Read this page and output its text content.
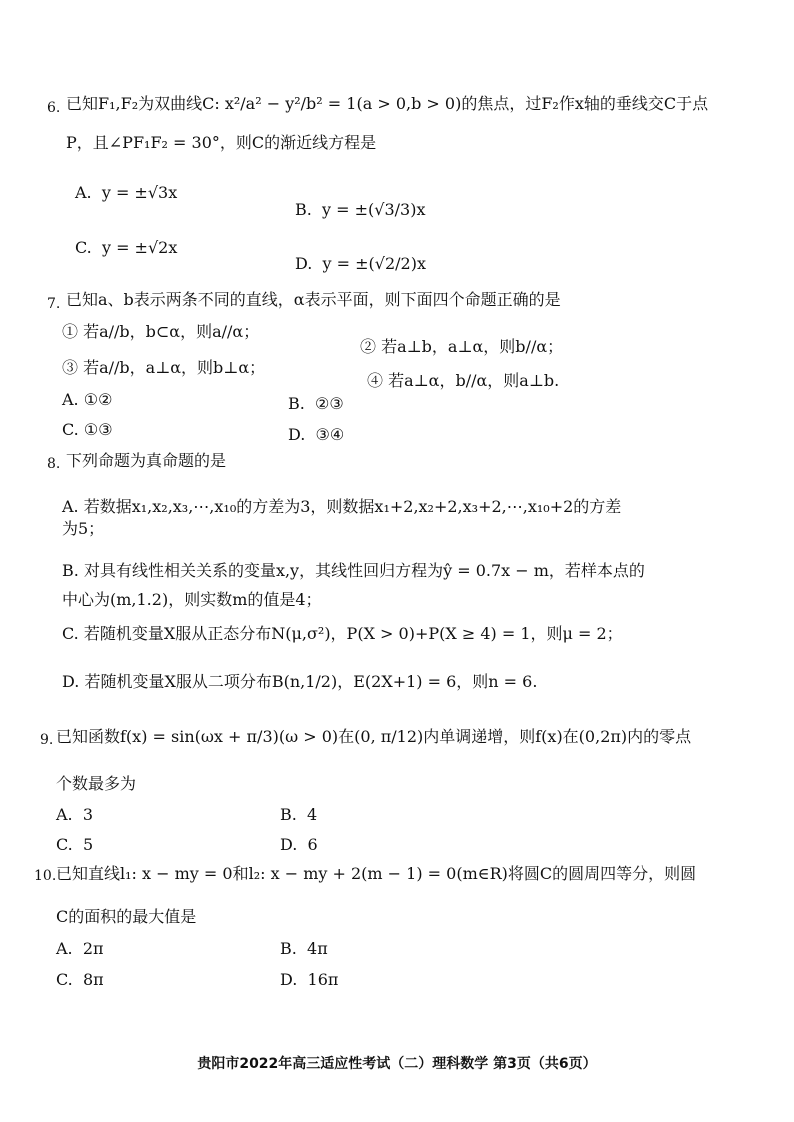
6. 已知F₁,F₂为双曲线C: x²/a² − y²/b² = 1(a > 0,b > 0)的焦点，过F₂作x轴的垂线交C于点
P，且∠PF₁F₂ = 30°，则C的渐近线方程是
A. y = ±√3x
B. y = ±(√3/3)x
C. y = ±√2x
D. y = ±(√2/2)x
7. 已知a、b表示两条不同的直线，α表示平面，则下面四个命题正确的是
① 若a//b，b⊂α，则a//α；
② 若a⊥b，a⊥α，则b//α；
③ 若a//b，a⊥α，则b⊥α；
④ 若a⊥α，b//α，则a⊥b.
A. ①②	B. ②③
C. ①③	D. ③④
8. 下列命题为真命题的是
A. 若数据x₁,x₂,x₃,⋯,x₁₀的方差为3，则数据x₁+2,x₂+2,x₃+2,⋯,x₁₀+2的方差
为5；
B. 对具有线性相关关系的变量x,y，其线性回归方程为ŷ = 0.7x − m，若样本点的
中心为(m,1.2)，则实数m的值是4；
C. 若随机变量X服从正态分布N(μ,σ²)，P(X > 0)+P(X ≥ 4) = 1，则μ = 2；
D. 若随机变量X服从二项分布B(n,1/2)，E(2X+1) = 6，则n = 6.
9. 已知函数f(x) = sin(ωx + π/3)(ω > 0)在(0, π/12)内单调递增，则f(x)在(0,2π)内的零点
个数最多为
A. 3	B. 4
C. 5	D. 6
10. 已知直线l₁: x − my = 0和l₂: x − my + 2(m − 1) = 0(m∈R)将圆C的圆周四等分，则圆
C的面积的最大值是
A. 2π	B. 4π
C. 8π	D. 16π
贵阳市2022年高三适应性考试（二）理科数学 第3页（共6页）
